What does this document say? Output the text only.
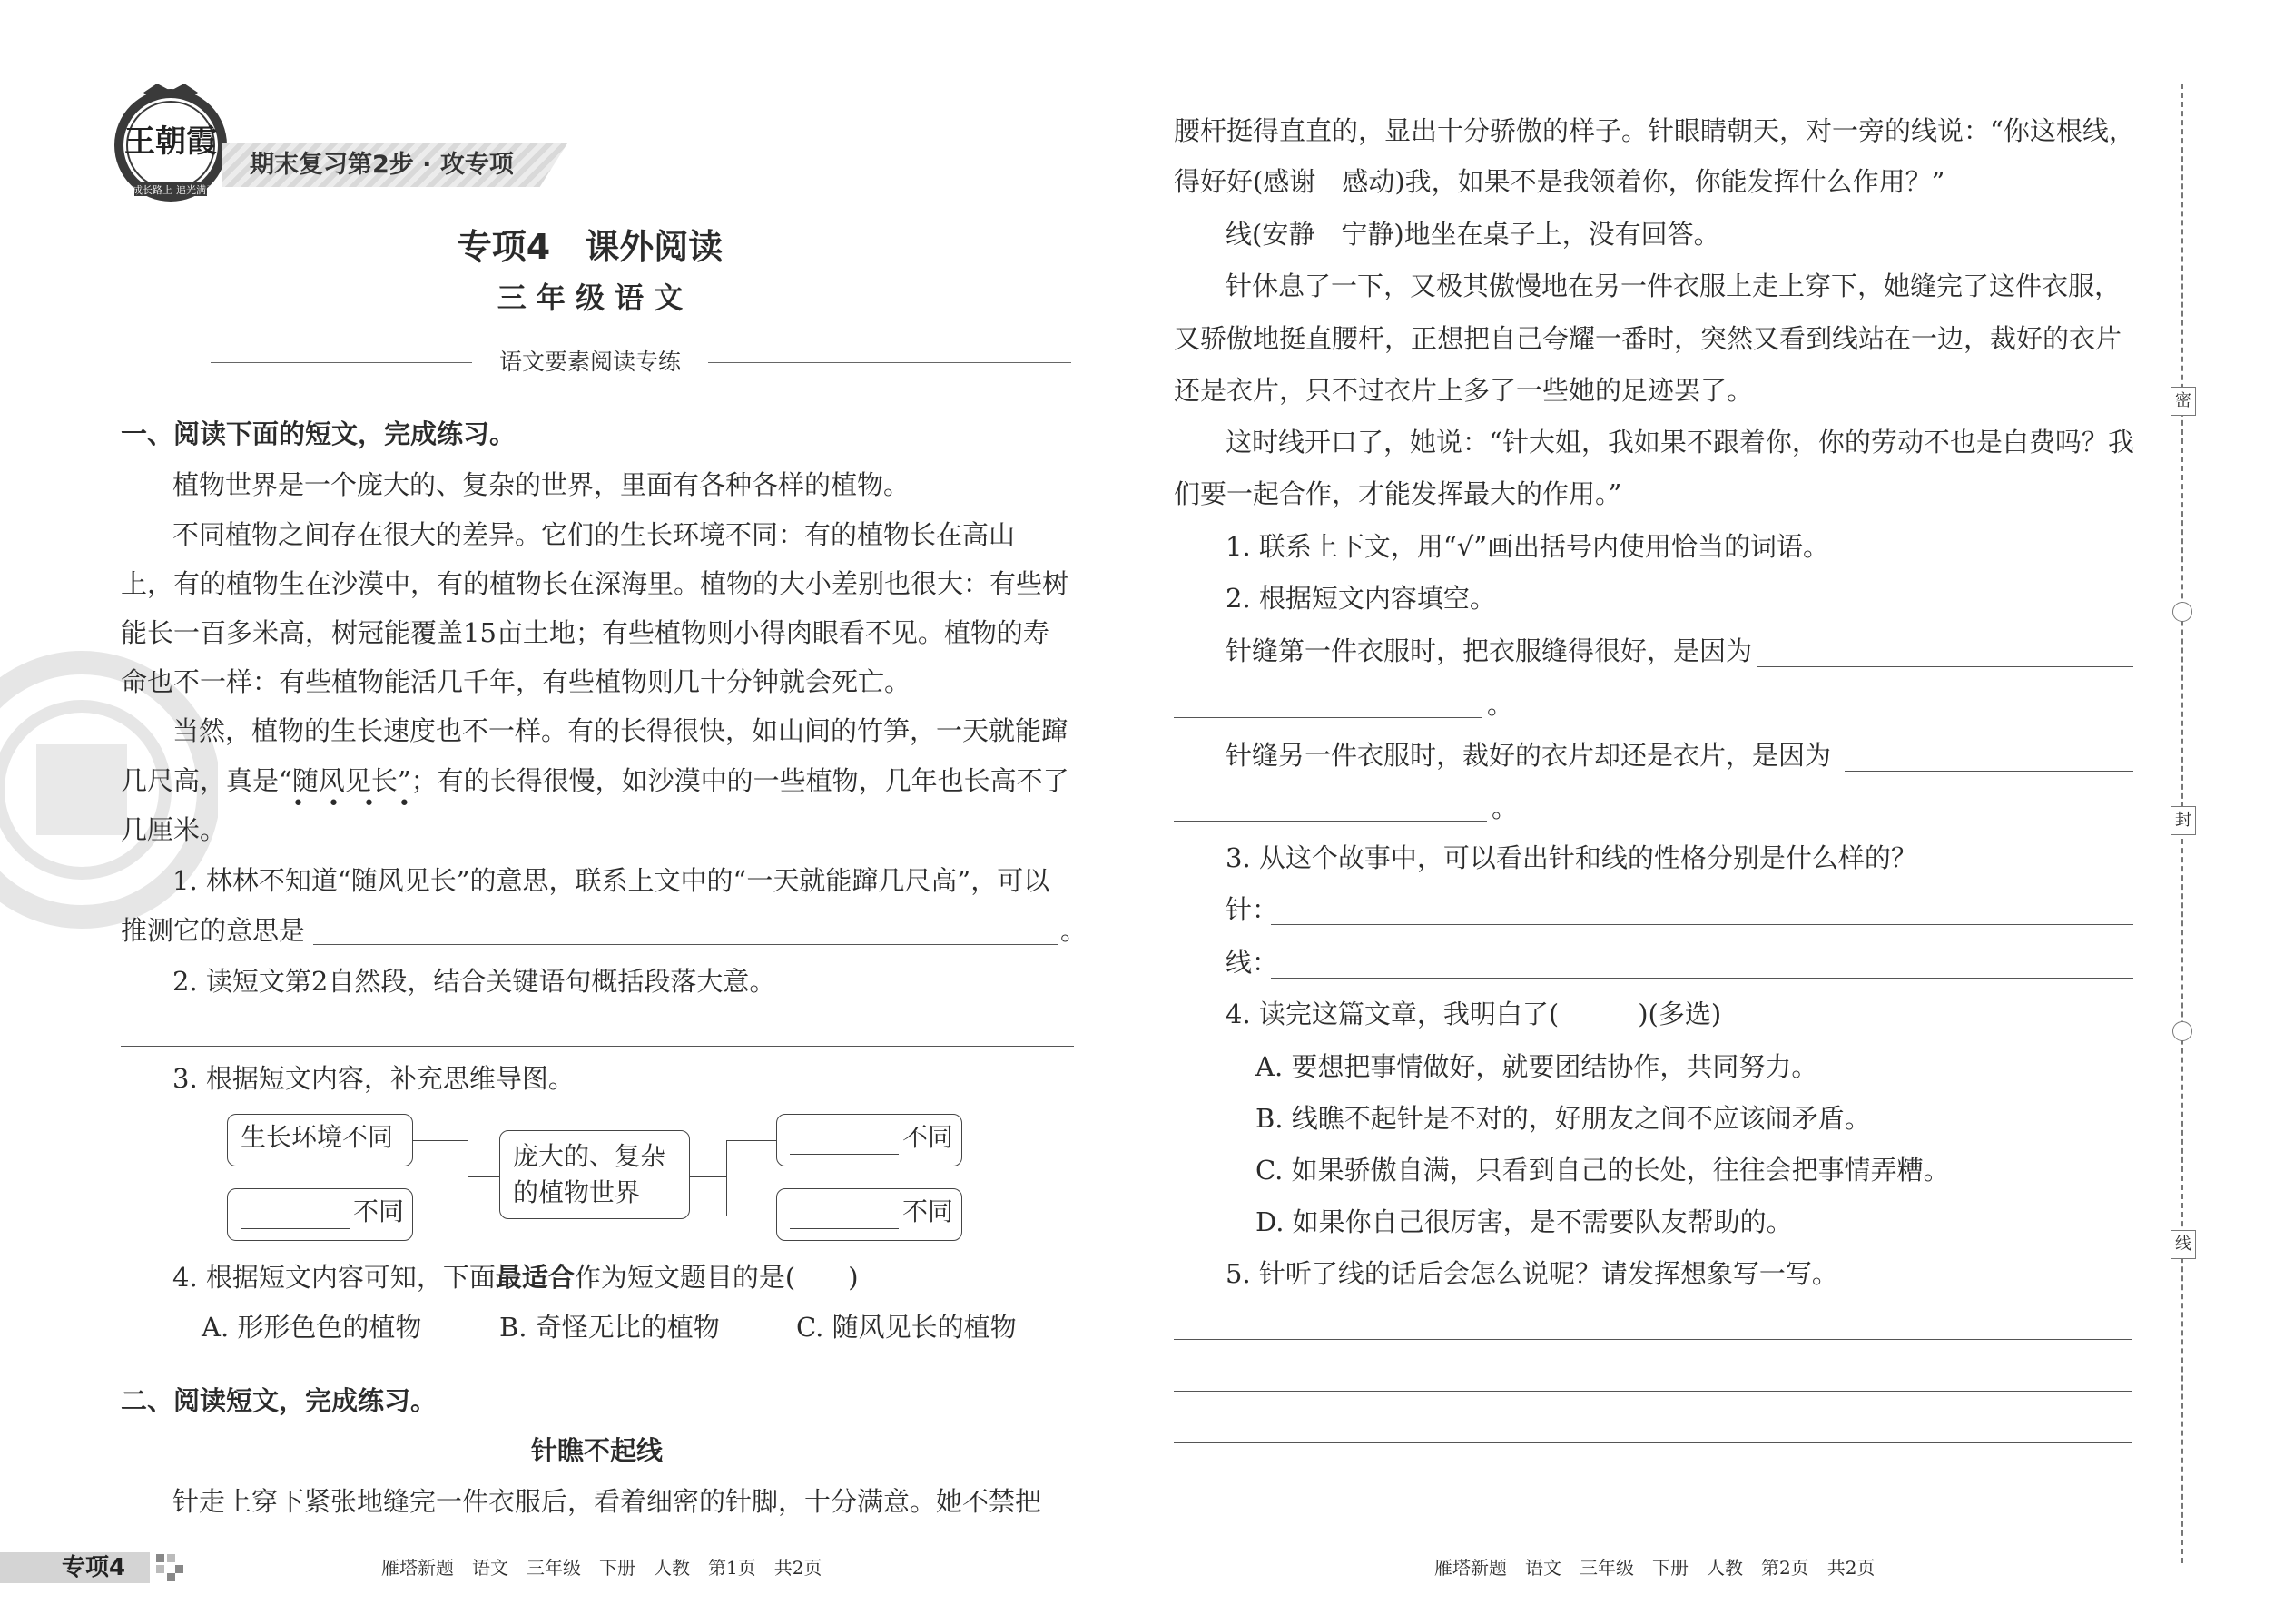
王朝霞
成长路上 追光满天
期末复习第2步 · 攻专项
专项4　课外阅读
三 年 级 语 文
语文要素阅读专练
一、阅读下面的短文，完成练习。
植物世界是一个庞大的、复杂的世界，里面有各种各样的植物。
不同植物之间存在很大的差异。它们的生长环境不同：有的植物长在高山
上，有的植物生在沙漠中，有的植物长在深海里。植物的大小差别也很大：有些树
能长一百多米高，树冠能覆盖15亩土地；有些植物则小得肉眼看不见。植物的寿
命也不一样：有些植物能活几千年，有些植物则几十分钟就会死亡。
当然，植物的生长速度也不一样。有的长得很快，如山间的竹笋，一天就能蹿
几尺高，真是“随风见长”；有的长得很慢，如沙漠中的一些植物，几年也长高不了
••••
几厘米。
1. 林林不知道“随风见长”的意思，联系上文中的“一天就能蹿几尺高”，可以
推测它的意思是	。
2. 读短文第2自然段，结合关键语句概括段落大意。
3. 根据短文内容，补充思维导图。
生长环境不同
不同
庞大的、复杂的植物世界
不同
不同
4. 根据短文内容可知，下面最适合作为短文题目的是(　　)
A. 形形色色的植物	B. 奇怪无比的植物	C. 随风见长的植物
二、阅读短文，完成练习。
针瞧不起线
针走上穿下紧张地缝完一件衣服后，看着细密的针脚，十分满意。她不禁把
腰杆挺得直直的，显出十分骄傲的样子。针眼睛朝天，对一旁的线说：“你这根线，
得好好(感谢　感动)我，如果不是我领着你，你能发挥什么作用？”
线(安静　宁静)地坐在桌子上，没有回答。
针休息了一下，又极其傲慢地在另一件衣服上走上穿下，她缝完了这件衣服，
又骄傲地挺直腰杆，正想把自己夸耀一番时，突然又看到线站在一边，裁好的衣片
还是衣片，只不过衣片上多了一些她的足迹罢了。
这时线开口了，她说：“针大姐，我如果不跟着你，你的劳动不也是白费吗？我
们要一起合作，才能发挥最大的作用。”
1. 联系上下文，用“√”画出括号内使用恰当的词语。
2. 根据短文内容填空。
针缝第一件衣服时，把衣服缝得很好，是因为
。
针缝另一件衣服时，裁好的衣片却还是衣片，是因为
。
3. 从这个故事中，可以看出针和线的性格分别是什么样的？
针：
线：
4. 读完这篇文章，我明白了(　　　)(多选)
A. 要想把事情做好，就要团结协作，共同努力。
B. 线瞧不起针是不对的，好朋友之间不应该闹矛盾。
C. 如果骄傲自满，只看到自己的长处，往往会把事情弄糟。
D. 如果你自己很厉害，是不需要队友帮助的。
5. 针听了线的话后会怎么说呢？请发挥想象写一写。
密
封
线
专项4	雁塔新题　语文　三年级　下册　人教　第1页　共2页	雁塔新题　语文　三年级　下册　人教　第2页　共2页
